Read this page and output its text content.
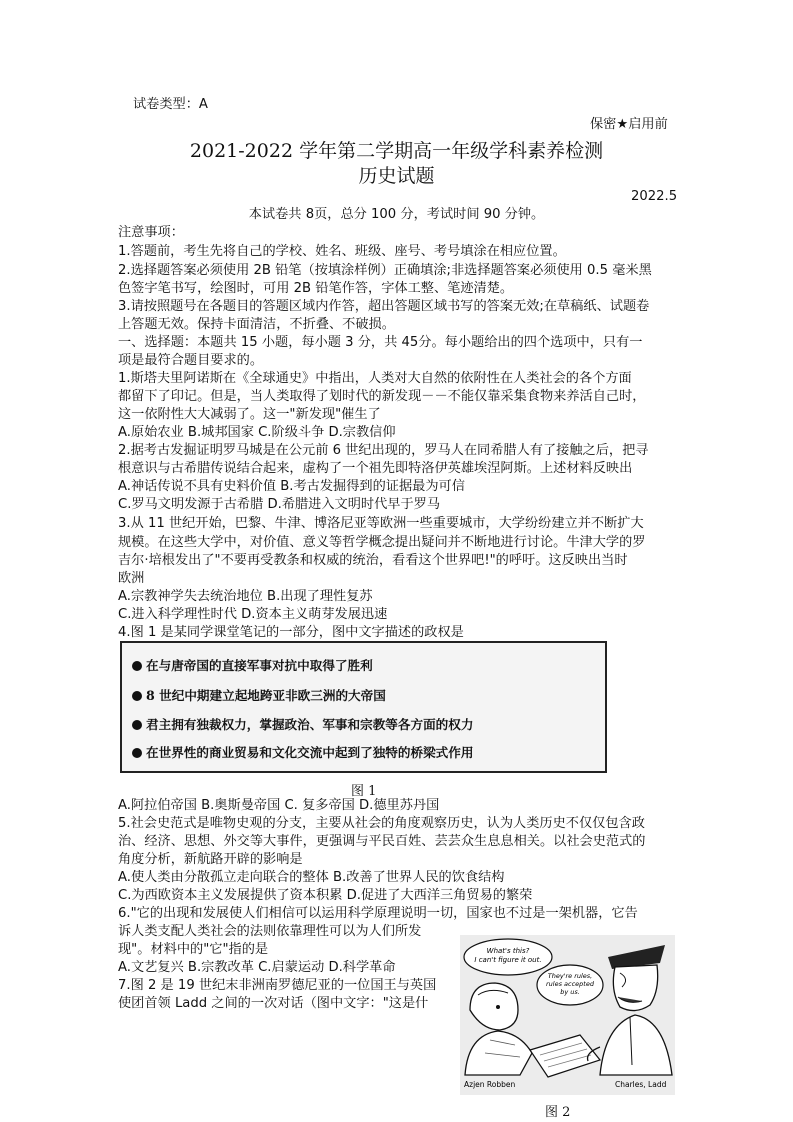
试卷类型：A
保密★启用前
2021-2022 学年第二学期高一年级学科素养检测
历史试题
2022.5
本试卷共 8页，总分 100 分，考试时间 90 分钟。
注意事项：
1.答题前，考生先将自己的学校、姓名、班级、座号、考号填涂在相应位置。
2.选择题答案必须使用 2B 铅笔（按填涂样例）正确填涂;非选择题答案必须使用 0.5 毫米黑
色签字笔书写，绘图时，可用 2B 铅笔作答，字体工整、笔迹清楚。
3.请按照题号在各题目的答题区域内作答，超出答题区域书写的答案无效;在草稿纸、试题卷
上答题无效。保持卡面清洁，不折叠、不破损。
一、选择题：本题共 15 小题，每小题 3 分，共 45分。每小题给出的四个选项中，只有一
项是最符合题目要求的。
1.斯塔夫里阿诺斯在《全球通史》中指出，人类对大自然的依附性在人类社会的各个方面
都留下了印记。但是，当人类取得了划时代的新发现－－不能仅靠采集食物来养活自己时，
这一依附性大大减弱了。这一"新发现"催生了
A.原始农业 B.城邦国家 C.阶级斗争 D.宗教信仰
2.据考古发掘证明罗马城是在公元前 6 世纪出现的，罗马人在同希腊人有了接触之后，把寻
根意识与古希腊传说结合起来，虚构了一个祖先即特洛伊英雄埃涅阿斯。上述材料反映出
A.神话传说不具有史料价值 B.考古发掘得到的证据最为可信
C.罗马文明发源于古希腊 D.希腊进入文明时代早于罗马
3.从 11 世纪开始，巴黎、牛津、博洛尼亚等欧洲一些重要城市，大学纷纷建立并不断扩大
规模。在这些大学中，对价值、意义等哲学概念提出疑问并不断地进行讨论。牛津大学的罗
吉尔·培根发出了"不要再受教条和权威的统治，看看这个世界吧!"的呼吁。这反映出当时
欧洲
A.宗教神学失去统治地位 B.出现了理性复苏
C.进入科学理性时代 D.资本主义萌芽发展迅速
4.图 1 是某同学课堂笔记的一部分，图中文字描述的政权是
在与唐帝国的直接军事对抗中取得了胜利
8 世纪中期建立起地跨亚非欧三洲的大帝国
君主拥有独裁权力，掌握政治、军事和宗教等各方面的权力
在世界性的商业贸易和文化交流中起到了独特的桥梁式作用
图 1
A.阿拉伯帝国 B.奥斯曼帝国 C. 复多帝国 D.德里苏丹国
5.社会史范式是唯物史观的分支，主要从社会的角度观察历史，认为人类历史不仅仅包含政
治、经济、思想、外交等大事件，更强调与平民百姓、芸芸众生息息相关。以社会史范式的
角度分析，新航路开辟的影响是
A.使人类由分散孤立走向联合的整体 B.改善了世界人民的饮食结构
C.为西欧资本主义发展提供了资本积累 D.促进了大西洋三角贸易的繁荣
6."它的出现和发展使人们相信可以运用科学原理说明一切，国家也不过是一架机器，它告
诉人类支配人类社会的法则依靠理性可以为人们所发
现"。材料中的"它"指的是
A.文艺复兴 B.宗教改革 C.启蒙运动 D.科学革命
7.图 2 是 19 世纪末非洲南罗德尼亚的一位国王与英国
使团首领 Ladd 之间的一次对话（图中文字："这是什
What's this?
I can't figure it out.
They're rules,
rules accepted
by us.
Azjen Robben	Charles, Ladd
图 2
